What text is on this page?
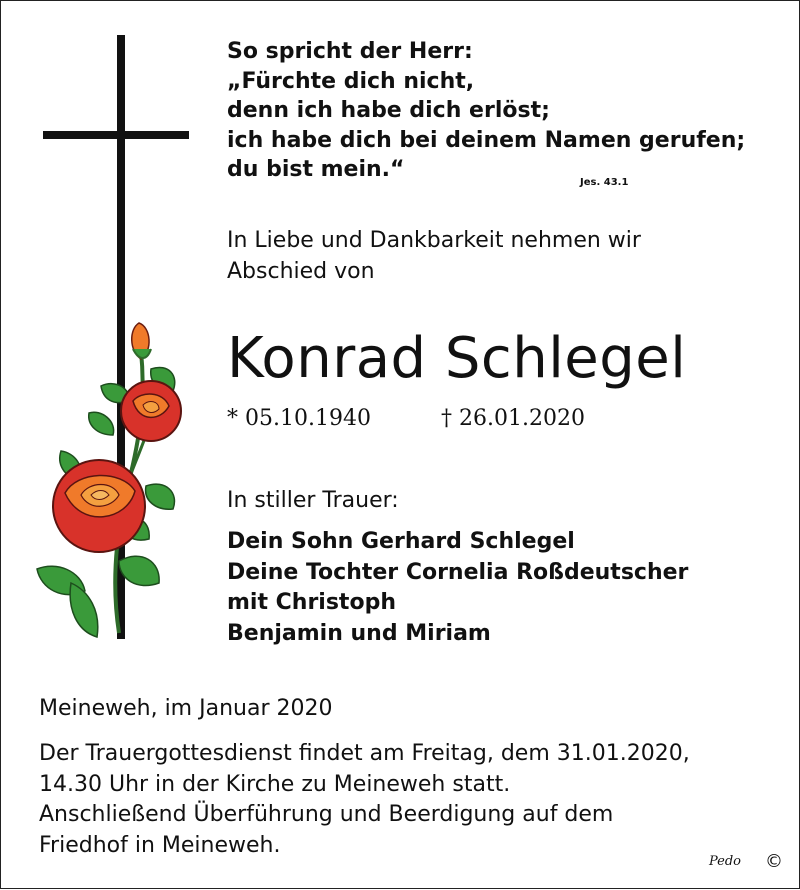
So spricht der Herr:
„Fürchte dich nicht,
denn ich habe dich erlöst;
ich habe dich bei deinem Namen gerufen;
du bist mein.“
Jes. 43.1
In Liebe und Dankbarkeit nehmen wir
Abschied von
Konrad Schlegel
* 05.10.1940	† 26.01.2020
In stiller Trauer:
Dein Sohn Gerhard Schlegel
Deine Tochter Cornelia Roßdeutscher
mit Christoph
Benjamin und Miriam
Meineweh, im Januar 2020
Der Trauergottesdienst findet am Freitag, dem 31.01.2020,
14.30 Uhr in der Kirche zu Meineweh statt.
Anschließend Überführung und Beerdigung auf dem
Friedhof in Meineweh.
Pedo ©
